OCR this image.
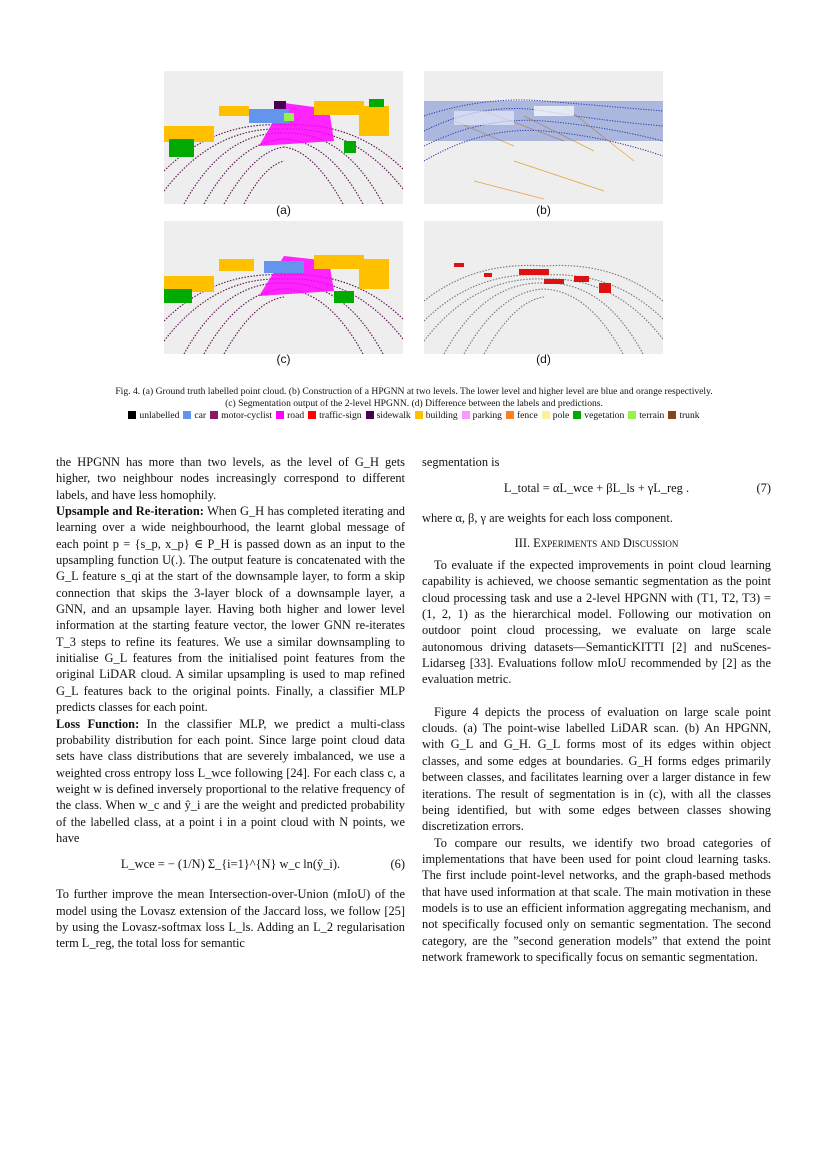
(a)	(b)
(c)	(d)
Fig. 4. (a) Ground truth labelled point cloud. (b) Construction of a HPGNN at two levels. The lower level and higher level are blue and orange respectively.
(c) Segmentation output of the 2-level HPGNN. (d) Difference between the labels and predictions.
unlabelled car motor-cyclist road traffic-sign sidewalk building parking fence pole vegetation terrain trunk

the HPGNN has more than two levels, as the level of G_H gets higher, two neighbour nodes increasingly correspond to different labels, and have less homophily.

Upsample and Re-iteration: When G_H has completed iterating and learning over a wide neighbourhood, the learnt global message of each point p = {s_p, x_p} ∈ P_H is passed down as an input to the upsampling function U(.). The output feature is concatenated with the G_L feature s_qi at the start of the downsample layer, to form a skip connection that skips the 3-layer block of a downsample layer, a GNN, and an upsample layer. Having both higher and lower level information at the starting feature vector, the lower GNN re-iterates T_3 steps to refine its features. We use a similar downsampling to initialise G_L features from the initialised point features from the original LiDAR cloud. A similar upsampling is used to map refined G_L features back to the original points. Finally, a classifier MLP predicts classes for each point.

Loss Function: In the classifier MLP, we predict a multi-class probability distribution for each point. Since large point cloud data sets have class distributions that are severely imbalanced, we use a weighted cross entropy loss L_wce following [24]. For each class c, a weight w is defined inversely proportional to the relative frequency of the class. When w_c and ŷ_i are the weight and predicted probability of the labelled class, at a point i in a point cloud with N points, we have

L_wce = − (1/N) Σ_{i=1}^{N} w_c ln(ŷ_i).	(6)

To further improve the mean Intersection-over-Union (mIoU) of the model using the Lovasz extension of the Jaccard loss, we follow [25] by using the Lovasz-softmax loss L_ls. Adding an L_2 regularisation term L_reg, the total loss for semantic

segmentation is

L_total = αL_wce + βL_ls + γL_reg .	(7)

where α, β, γ are weights for each loss component.

III. Experiments and Discussion

To evaluate if the expected improvements in point cloud learning capability is achieved, we choose semantic segmentation as the point cloud processing task and use a 2-level HPGNN with (T1, T2, T3) = (1, 2, 1) as the hierarchical model. Following our motivation on outdoor point cloud processing, we evaluate on large scale autonomous driving datasets—SemanticKITTI [2] and nuScenes-Lidarseg [33]. Evaluations follow mIoU recommended by [2] as the evaluation metric.

Figure 4 depicts the process of evaluation on large scale point clouds. (a) The point-wise labelled LiDAR scan. (b) An HPGNN, with G_L and G_H. G_L forms most of its edges within object classes, and some edges at boundaries. G_H forms edges primarily between classes, and facilitates learning over a larger distance in few iterations. The result of segmentation is in (c), with all the classes being identified, but with some edges between classes showing discretization errors.

To compare our results, we identify two broad categories of implementations that have been used for point cloud learning tasks. The first include point-level networks, and the graph-based methods that have used information at that scale. The main motivation in these models is to use an efficient information aggregating mechanism, and not specifically focused only on semantic segmentation. The second category, are the ”second generation models” that extend the point network framework to specifically focus on semantic segmentation.
